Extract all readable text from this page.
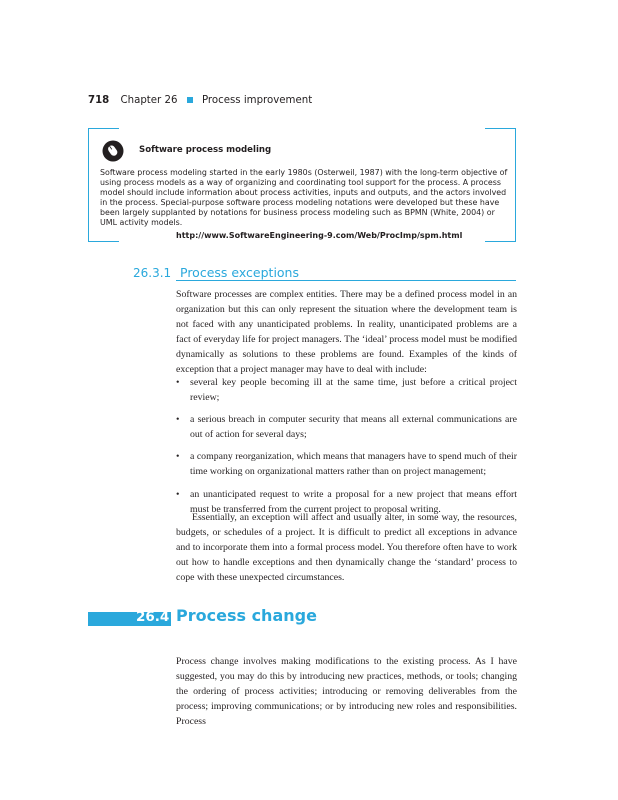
718 Chapter 26 Process improvement
Software process modeling
Software process modeling started in the early 1980s (Osterweil, 1987) with the long-term objective of using process models as a way of organizing and coordinating tool support for the process. A process model should include information about process activities, inputs and outputs, and the actors involved in the process. Special-purpose software process modeling notations were developed but these have been largely supplanted by notations for business process modeling such as BPMN (White, 2004) or UML activity models.
http://www.SoftwareEngineering-9.com/Web/ProcImp/spm.html
26.3.1 Process exceptions
Software processes are complex entities. There may be a defined process model in an organization but this can only represent the situation where the development team is not faced with any unanticipated problems. In reality, unanticipated problems are a fact of everyday life for project managers. The ‘ideal’ process model must be modified dynamically as solutions to these problems are found. Examples of the kinds of exception that a project manager may have to deal with include:
• several key people becoming ill at the same time, just before a critical project review;
• a serious breach in computer security that means all external communications are out of action for several days;
• a company reorganization, which means that managers have to spend much of their time working on organizational matters rather than on project management;
• an unanticipated request to write a proposal for a new project that means effort must be transferred from the current project to proposal writing.
Essentially, an exception will affect and usually alter, in some way, the resources, budgets, or schedules of a project. It is difficult to predict all exceptions in advance and to incorporate them into a formal process model. You therefore often have to work out how to handle exceptions and then dynamically change the ‘standard’ process to cope with these unexpected circumstances.
26.4 Process change
Process change involves making modifications to the existing process. As I have suggested, you may do this by introducing new practices, methods, or tools; changing the ordering of process activities; introducing or removing deliverables from the process; improving communications; or by introducing new roles and responsibilities. Process
